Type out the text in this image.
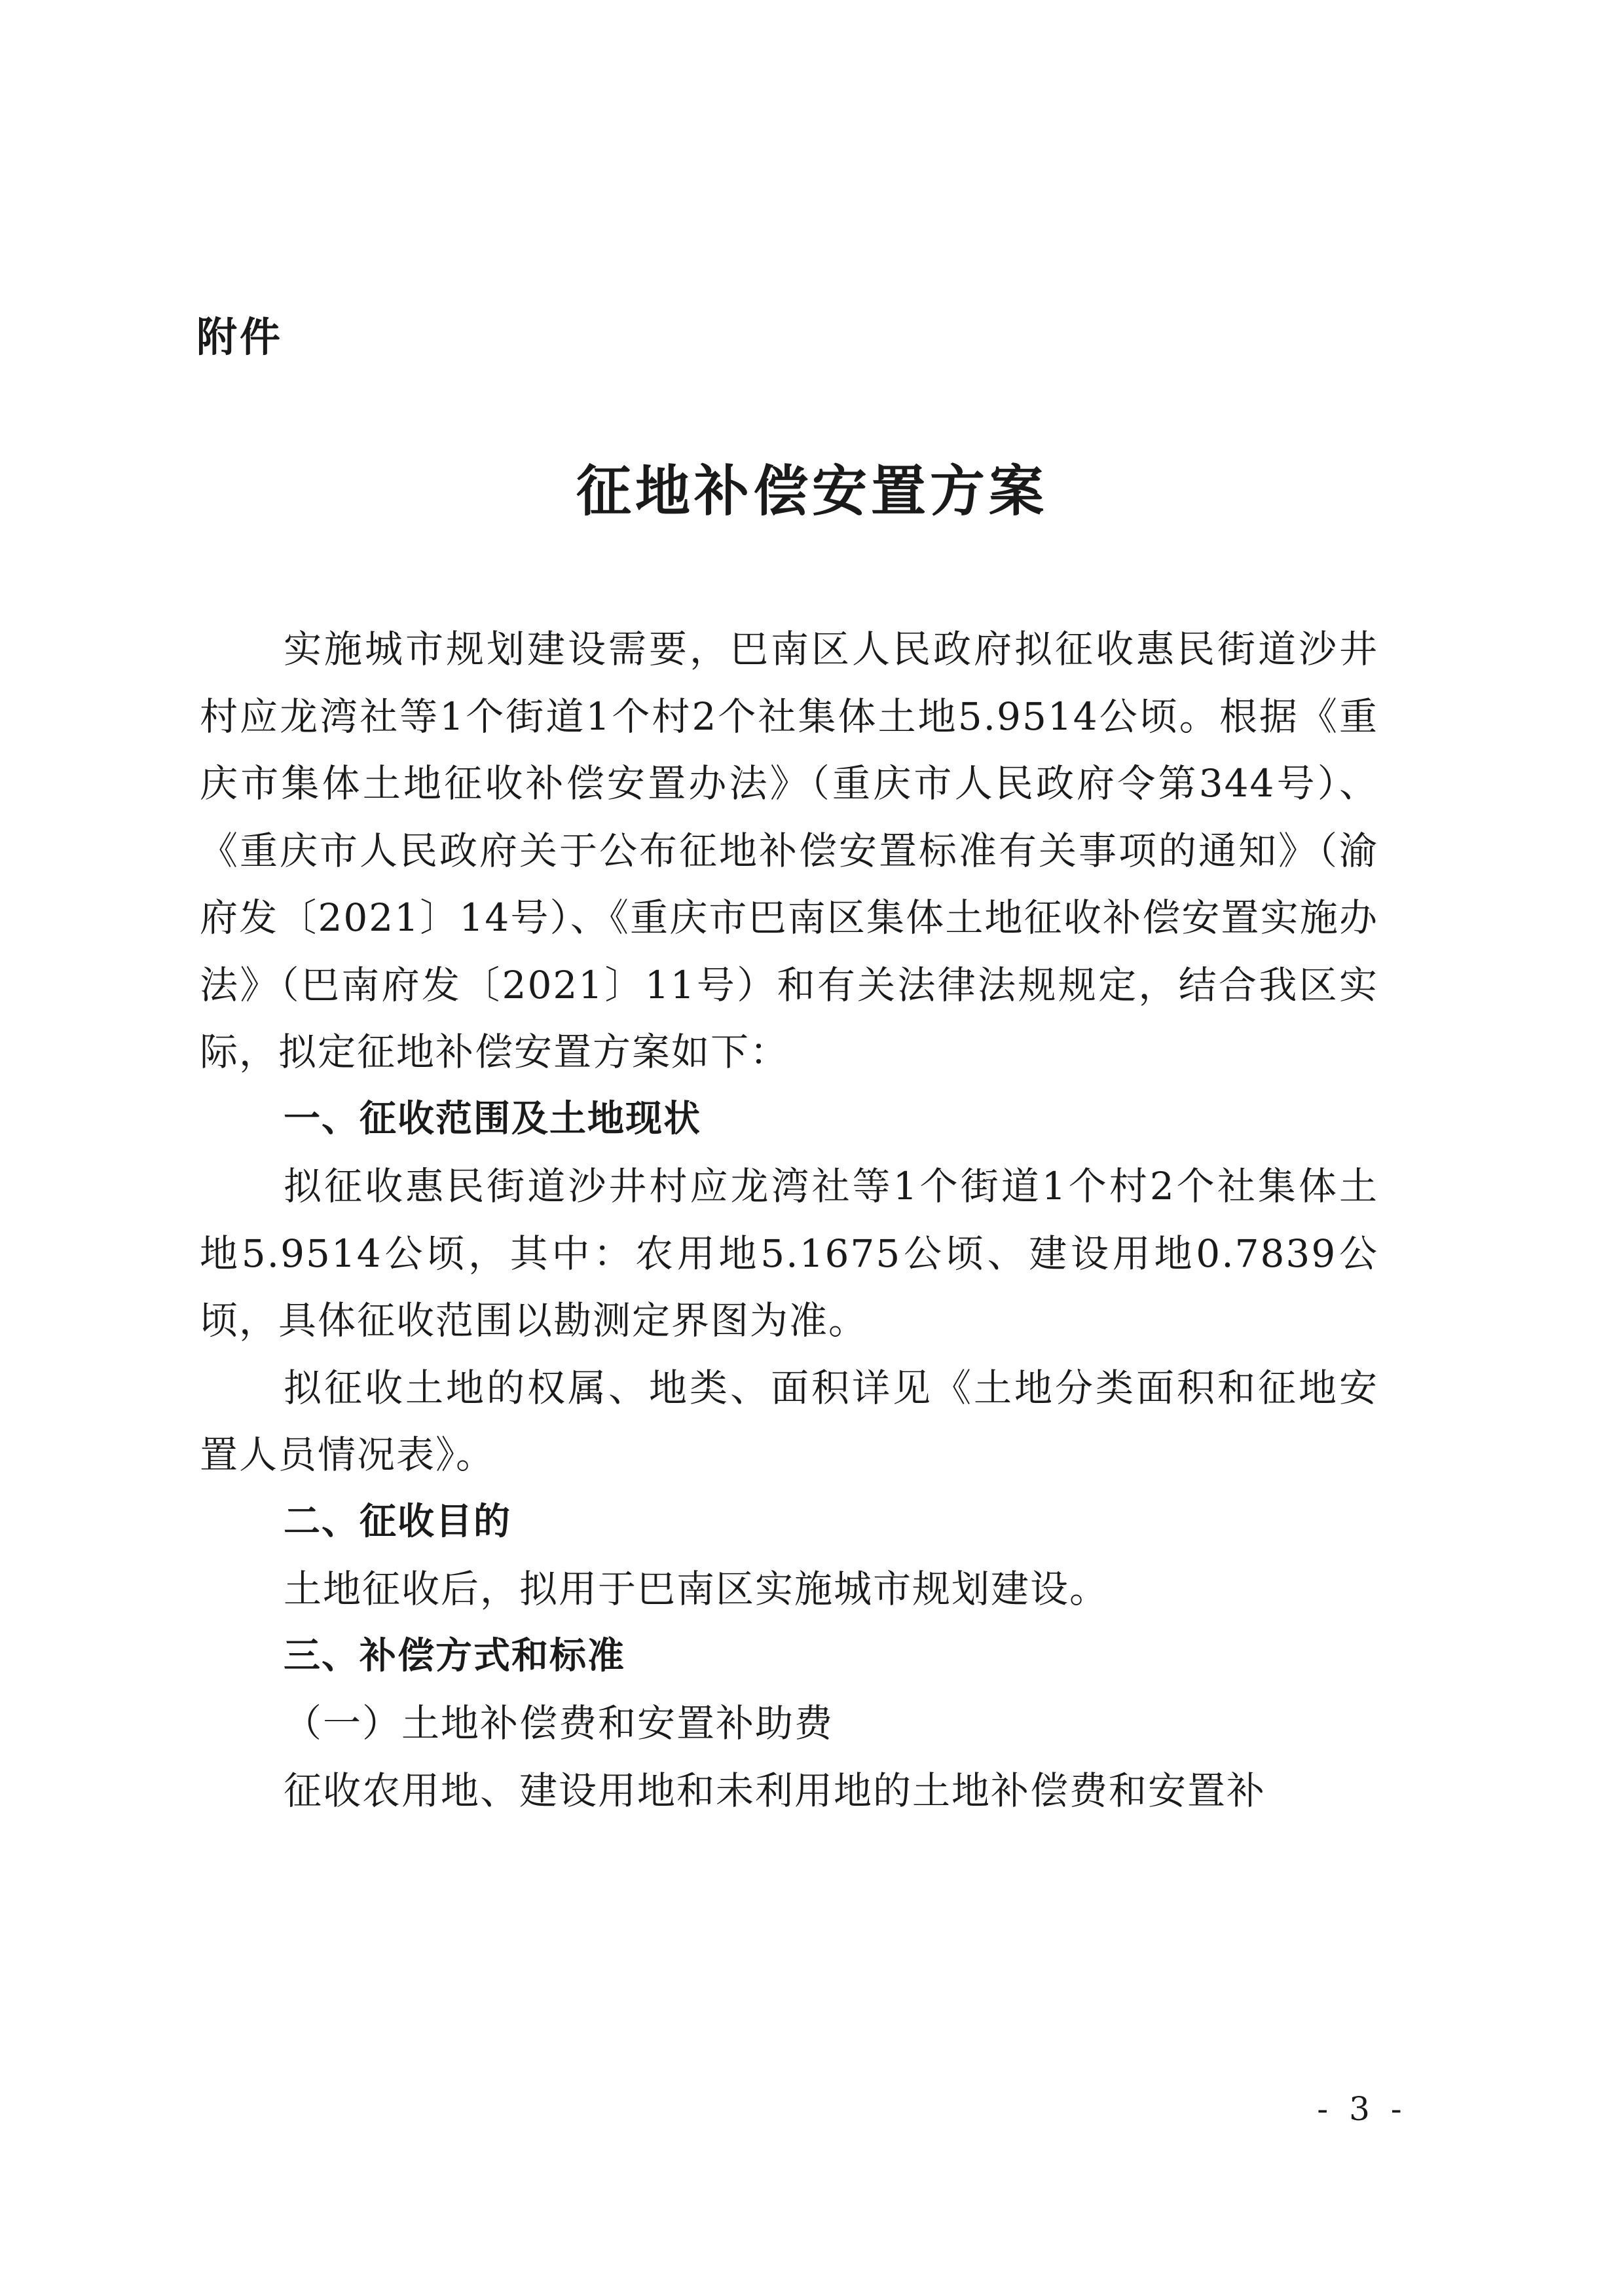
附件
征地补偿安置方案

实施城市规划建设需要，巴南区人民政府拟征收惠民街道沙井村应龙湾社等1个街道1个村2个社集体土地5.9514公顷。根据《重庆市集体土地征收补偿安置办法》（重庆市人民政府令第344号）、《重庆市人民政府关于公布征地补偿安置标准有关事项的通知》（渝府发〔2021〕14号）、《重庆市巴南区集体土地征收补偿安置实施办法》（巴南府发〔2021〕11号）和有关法律法规规定，结合我区实际，拟定征地补偿安置方案如下：

一、征收范围及土地现状

拟征收惠民街道沙井村应龙湾社等1个街道1个村2个社集体土地5.9514公顷，其中：农用地5.1675公顷、建设用地0.7839公顷，具体征收范围以勘测定界图为准。

拟征收土地的权属、地类、面积详见《土地分类面积和征地安置人员情况表》。

二、征收目的

土地征收后，拟用于巴南区实施城市规划建设。

三、补偿方式和标准

（一）土地补偿费和安置补助费

征收农用地、建设用地和未利用地的土地补偿费和安置补

- 3 -
